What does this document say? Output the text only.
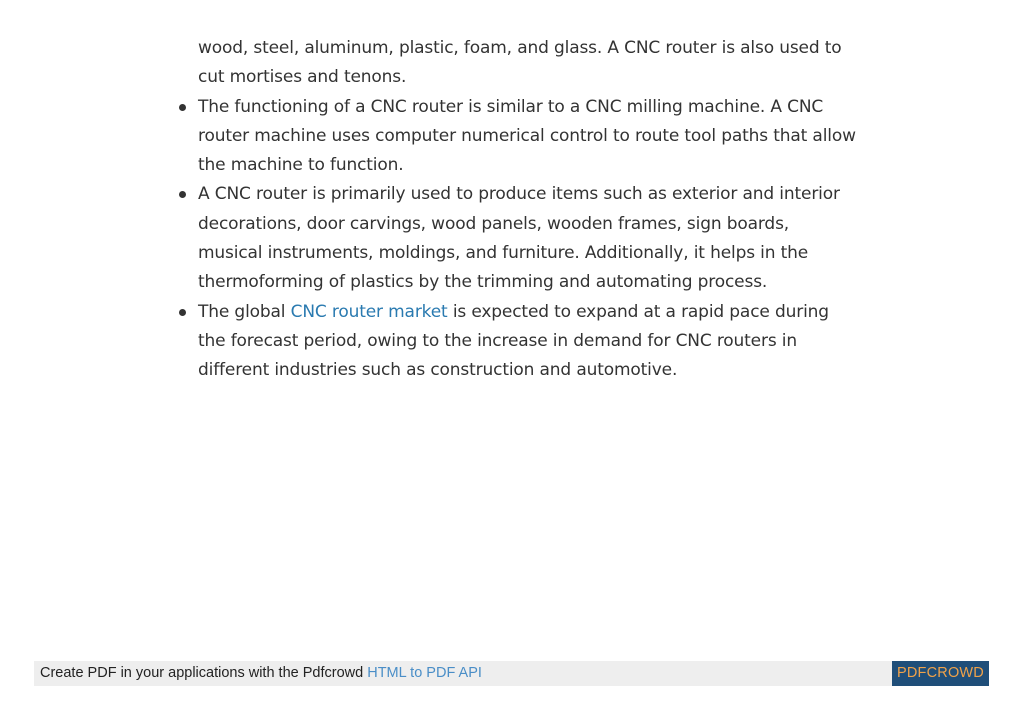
wood, steel, aluminum, plastic, foam, and glass. A CNC router is also used to cut mortises and tenons.

The functioning of a CNC router is similar to a CNC milling machine. A CNC router machine uses computer numerical control to route tool paths that allow the machine to function.
A CNC router is primarily used to produce items such as exterior and interior decorations, door carvings, wood panels, wooden frames, sign boards, musical instruments, moldings, and furniture. Additionally, it helps in the thermoforming of plastics by the trimming and automating process.
The global CNC router market is expected to expand at a rapid pace during the forecast period, owing to the increase in demand for CNC routers in different industries such as construction and automotive.
Create PDF in your applications with the Pdfcrowd HTML to PDF API	PDFCROWD
